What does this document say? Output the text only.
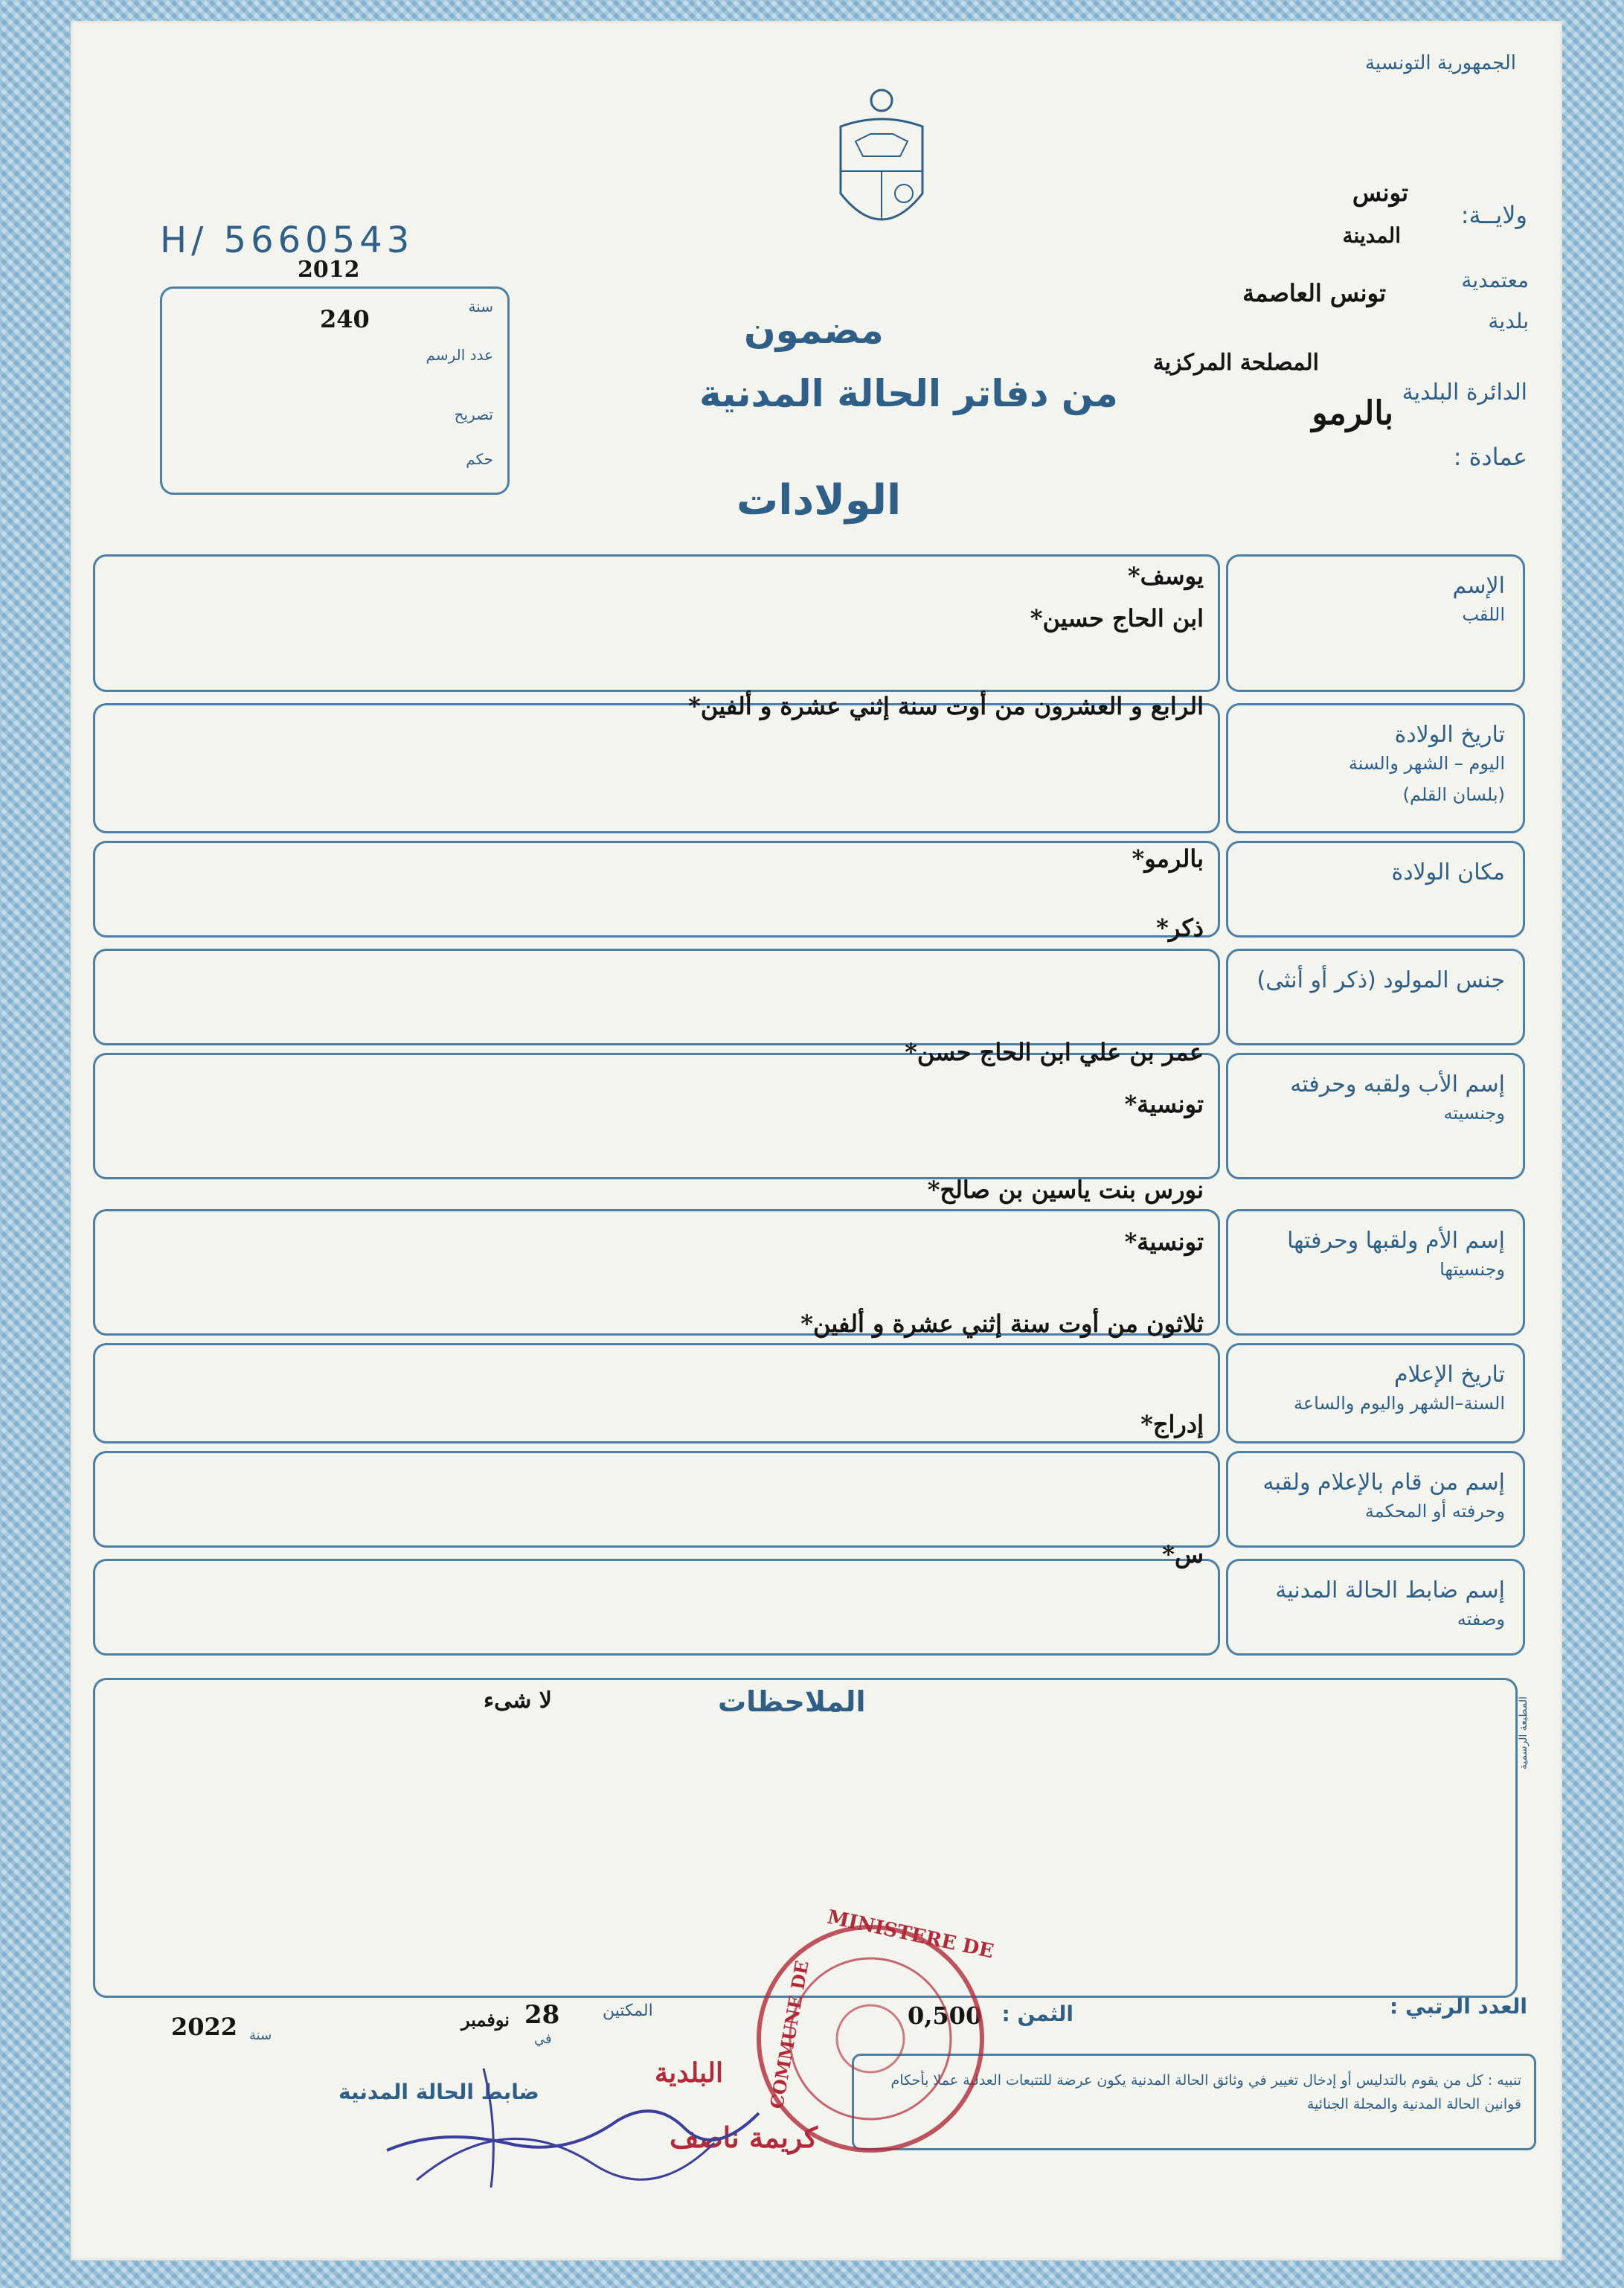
الجمهورية التونسية
ولايــة:
تونس
المدينة
معتمدية
تونس العاصمة
بلدية
الدائرة البلدية
بالرمو
المصلحة المركزية
عمادة :
H/ 5660543
2012
240	سنة
عدد الرسم
تصريح
حكم
مضمون
من دفاتر الحالة المدنية
الولادات
الإسم
اللقب
يوسف*
ابن الحاج حسين*
تاريخ الولادة
اليوم – الشهر والسنة
(بلسان القلم)
الرابع و العشرون من أوت سنة إثني عشرة و ألفين*
مكان الولادة
بالرمو*
جنس المولود (ذكر أو أنثى)
ذكر*
إسم الأب ولقبه وحرفته
وجنسيته
عمر بن علي ابن الحاج حسن*
تونسية*
إسم الأم ولقبها وحرفتها
وجنسيتها
نورس بنت ياسين بن صالح*
تونسية*
تاريخ الإعلام
السنة–الشهر واليوم والساعة
ثلاثون من أوت سنة إثني عشرة و ألفين*
إسم من قام بالإعلام ولقبه
وحرفته أو المحكمة
إدراج*
إسم ضابط الحالة المدنية
وصفته
س*
الملاحظات
لا شىء
العدد الرتبي :
الثمن :
0,500
المكتين
28
نوفمبر
في
سنة
2022
ضابط الحالة المدنية	تنبيه : كل من يقوم بالتدليس أو إدخال تغيير في وثائق الحالة المدنية يكون عرضة للتتبعات العدلية عملا بأحكام قوانين الحالة المدنية والمجلة الجنائية
المطبعة الرسمية
MINISTERE DE
COMMUNE DE
البلدية
كريمة ناصف
